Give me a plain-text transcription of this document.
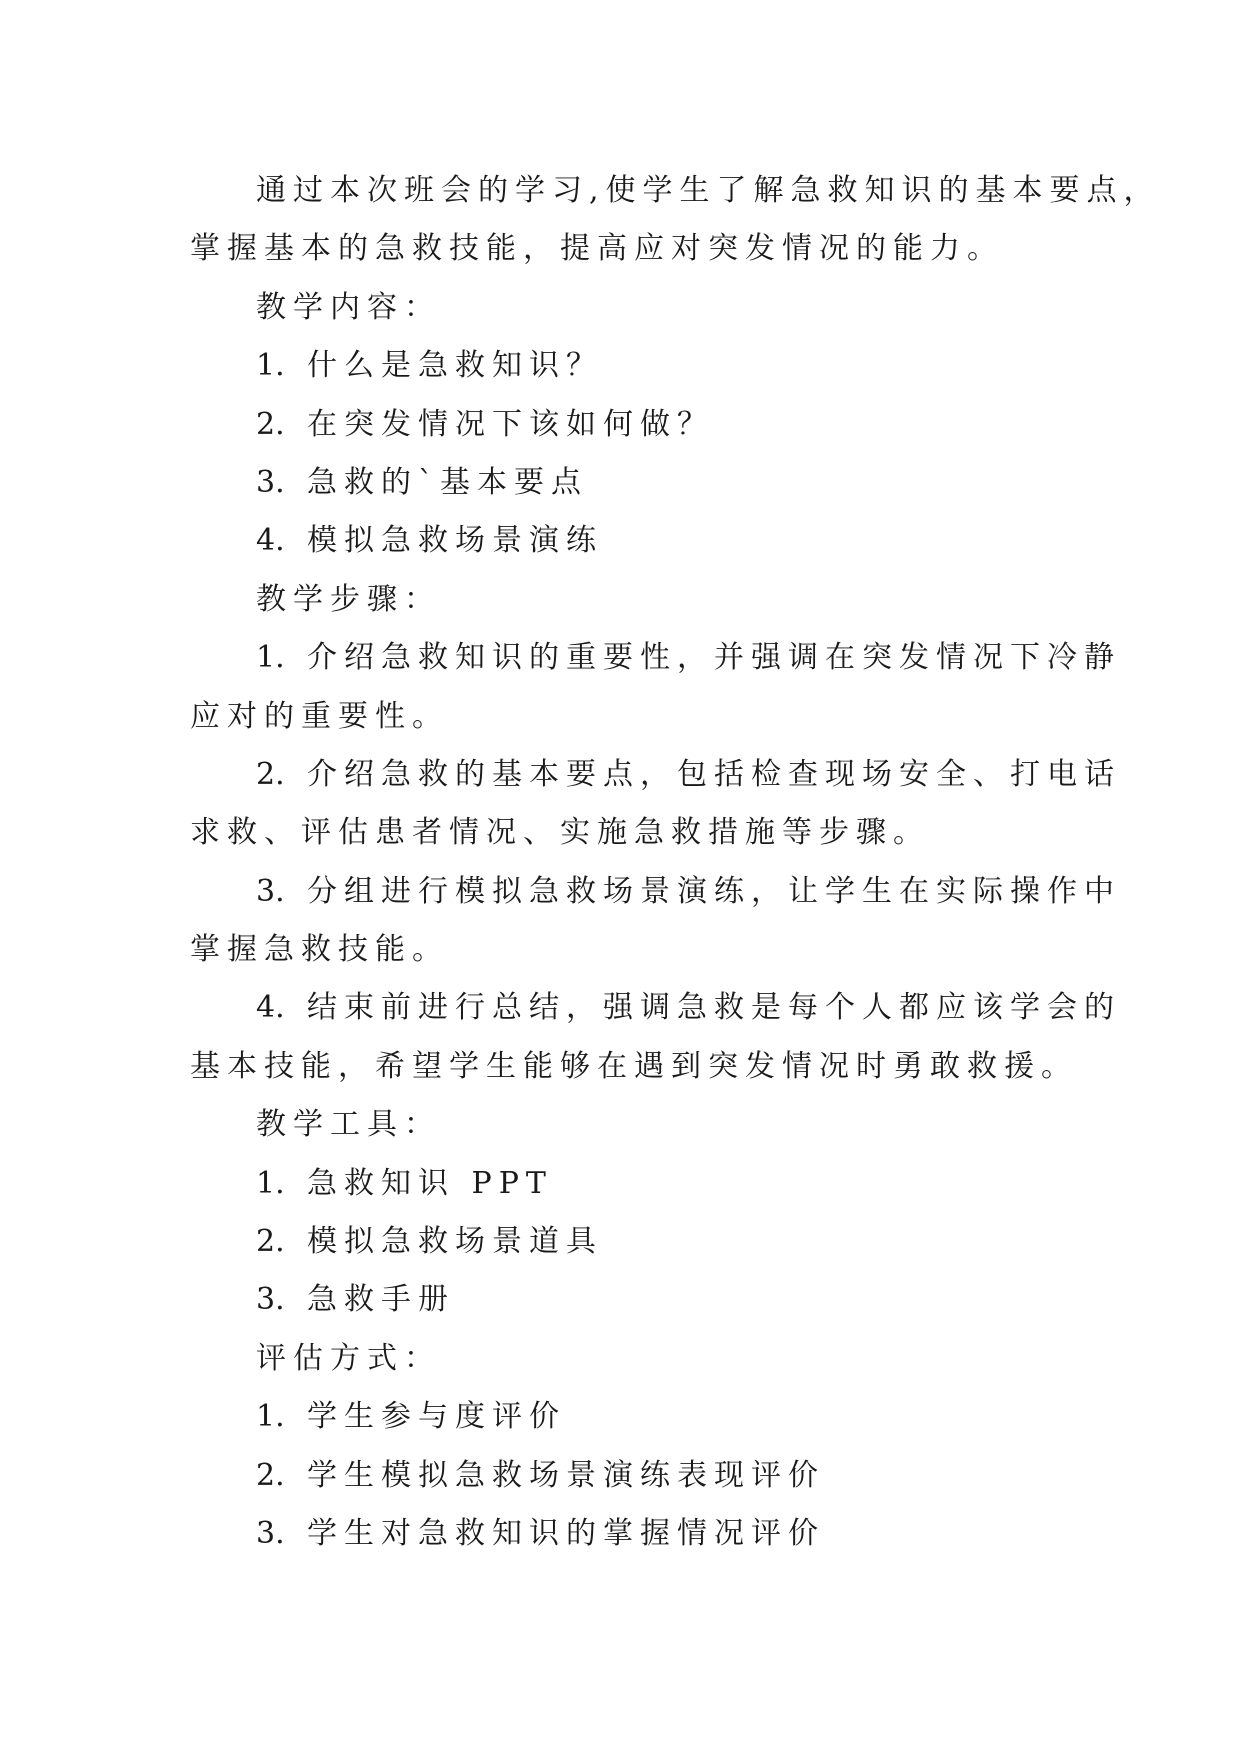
通过本次班会的学习,使学生了解急救知识的基本要点，
掌握基本的急救技能，提高应对突发情况的能力。
教学内容：
1. 什么是急救知识？
2. 在突发情况下该如何做？
3. 急救的`基本要点
4. 模拟急救场景演练
教学步骤：
1. 介绍急救知识的重要性，并强调在突发情况下冷静
应对的重要性。
2. 介绍急救的基本要点，包括检查现场安全、打电话
求救、评估患者情况、实施急救措施等步骤。
3. 分组进行模拟急救场景演练，让学生在实际操作中
掌握急救技能。
4. 结束前进行总结，强调急救是每个人都应该学会的
基本技能，希望学生能够在遇到突发情况时勇敢救援。
教学工具：
1. 急救知识 PPT
2. 模拟急救场景道具
3. 急救手册
评估方式：
1. 学生参与度评价
2. 学生模拟急救场景演练表现评价
3. 学生对急救知识的掌握情况评价
